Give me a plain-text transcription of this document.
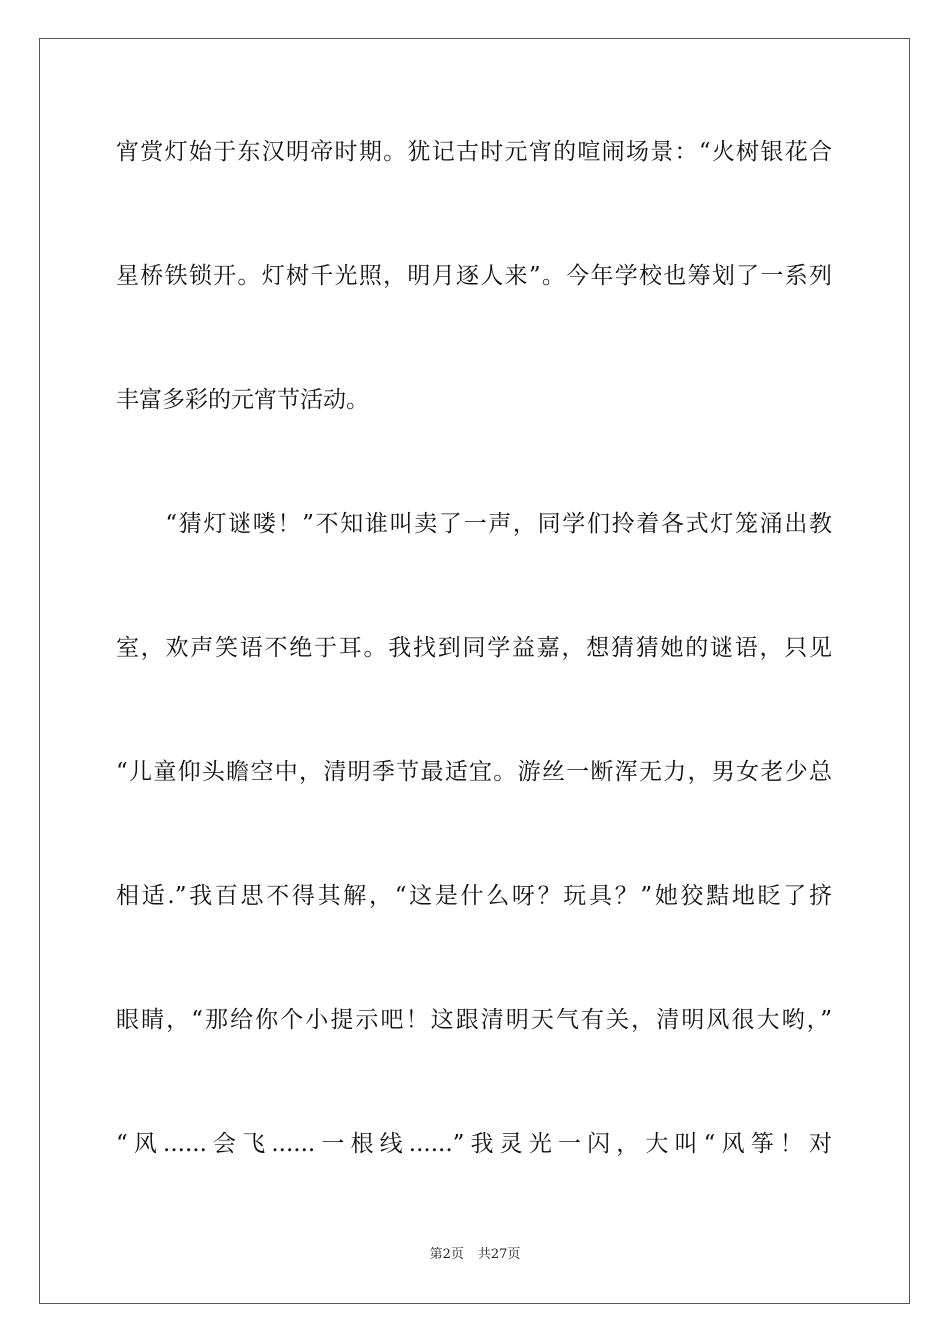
宵赏灯始于东汉明帝时期。犹记古时元宵的喧闹场景：“火树银花合
星桥铁锁开。灯树千光照，明月逐人来”。今年学校也筹划了一系列
丰富多彩的元宵节活动。
　　“猜灯谜喽！”不知谁叫卖了一声，同学们拎着各式灯笼涌出教
室，欢声笑语不绝于耳。我找到同学益嘉，想猜猜她的谜语，只见
“儿童仰头瞻空中，清明季节最适宜。游丝一断浑无力，男女老少总
相适.”我百思不得其解，“这是什么呀？玩具？”她狡黠地眨了挤
眼睛，“那给你个小提示吧！这跟清明天气有关，清明风很大哟，”
“风......会飞......一根线......”我灵光一闪，大叫“风筝！对
第2页 共27页
